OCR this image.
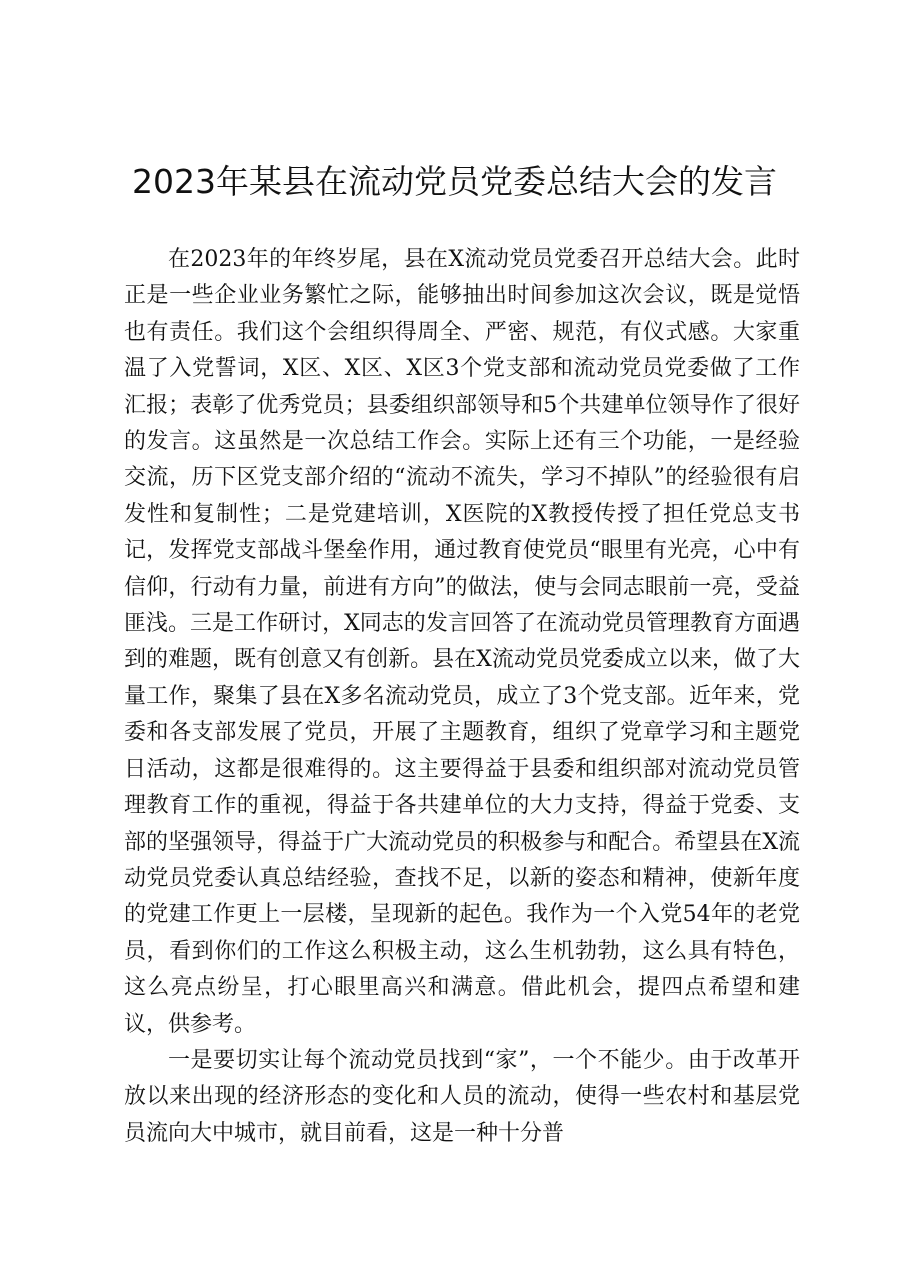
2023年某县在流动党员党委总结大会的发言

在2023年的年终岁尾，县在X流动党员党委召开总结大会。此时正是一些企业业务繁忙之际，能够抽出时间参加这次会议，既是觉悟也有责任。我们这个会组织得周全、严密、规范，有仪式感。大家重温了入党誓词，X区、X区、X区3个党支部和流动党员党委做了工作汇报；表彰了优秀党员；县委组织部领导和5个共建单位领导作了很好的发言。这虽然是一次总结工作会。实际上还有三个功能，一是经验交流，历下区党支部介绍的“流动不流失，学习不掉队”的经验很有启发性和复制性；二是党建培训，X医院的X教授传授了担任党总支书记，发挥党支部战斗堡垒作用，通过教育使党员“眼里有光亮，心中有信仰，行动有力量，前进有方向”的做法，使与会同志眼前一亮，受益匪浅。三是工作研讨，X同志的发言回答了在流动党员管理教育方面遇到的难题，既有创意又有创新。县在X流动党员党委成立以来，做了大量工作，聚集了县在X多名流动党员，成立了3个党支部。近年来，党委和各支部发展了党员，开展了主题教育，组织了党章学习和主题党日活动，这都是很难得的。这主要得益于县委和组织部对流动党员管理教育工作的重视，得益于各共建单位的大力支持，得益于党委、支部的坚强领导，得益于广大流动党员的积极参与和配合。希望县在X流动党员党委认真总结经验，查找不足，以新的姿态和精神，使新年度的党建工作更上一层楼，呈现新的起色。我作为一个入党54年的老党员，看到你们的工作这么积极主动，这么生机勃勃，这么具有特色，这么亮点纷呈，打心眼里高兴和满意。借此机会，提四点希望和建议，供参考。

一是要切实让每个流动党员找到“家”，一个不能少。由于改革开放以来出现的经济形态的变化和人员的流动，使得一些农村和基层党员流向大中城市，就目前看，这是一种十分普
